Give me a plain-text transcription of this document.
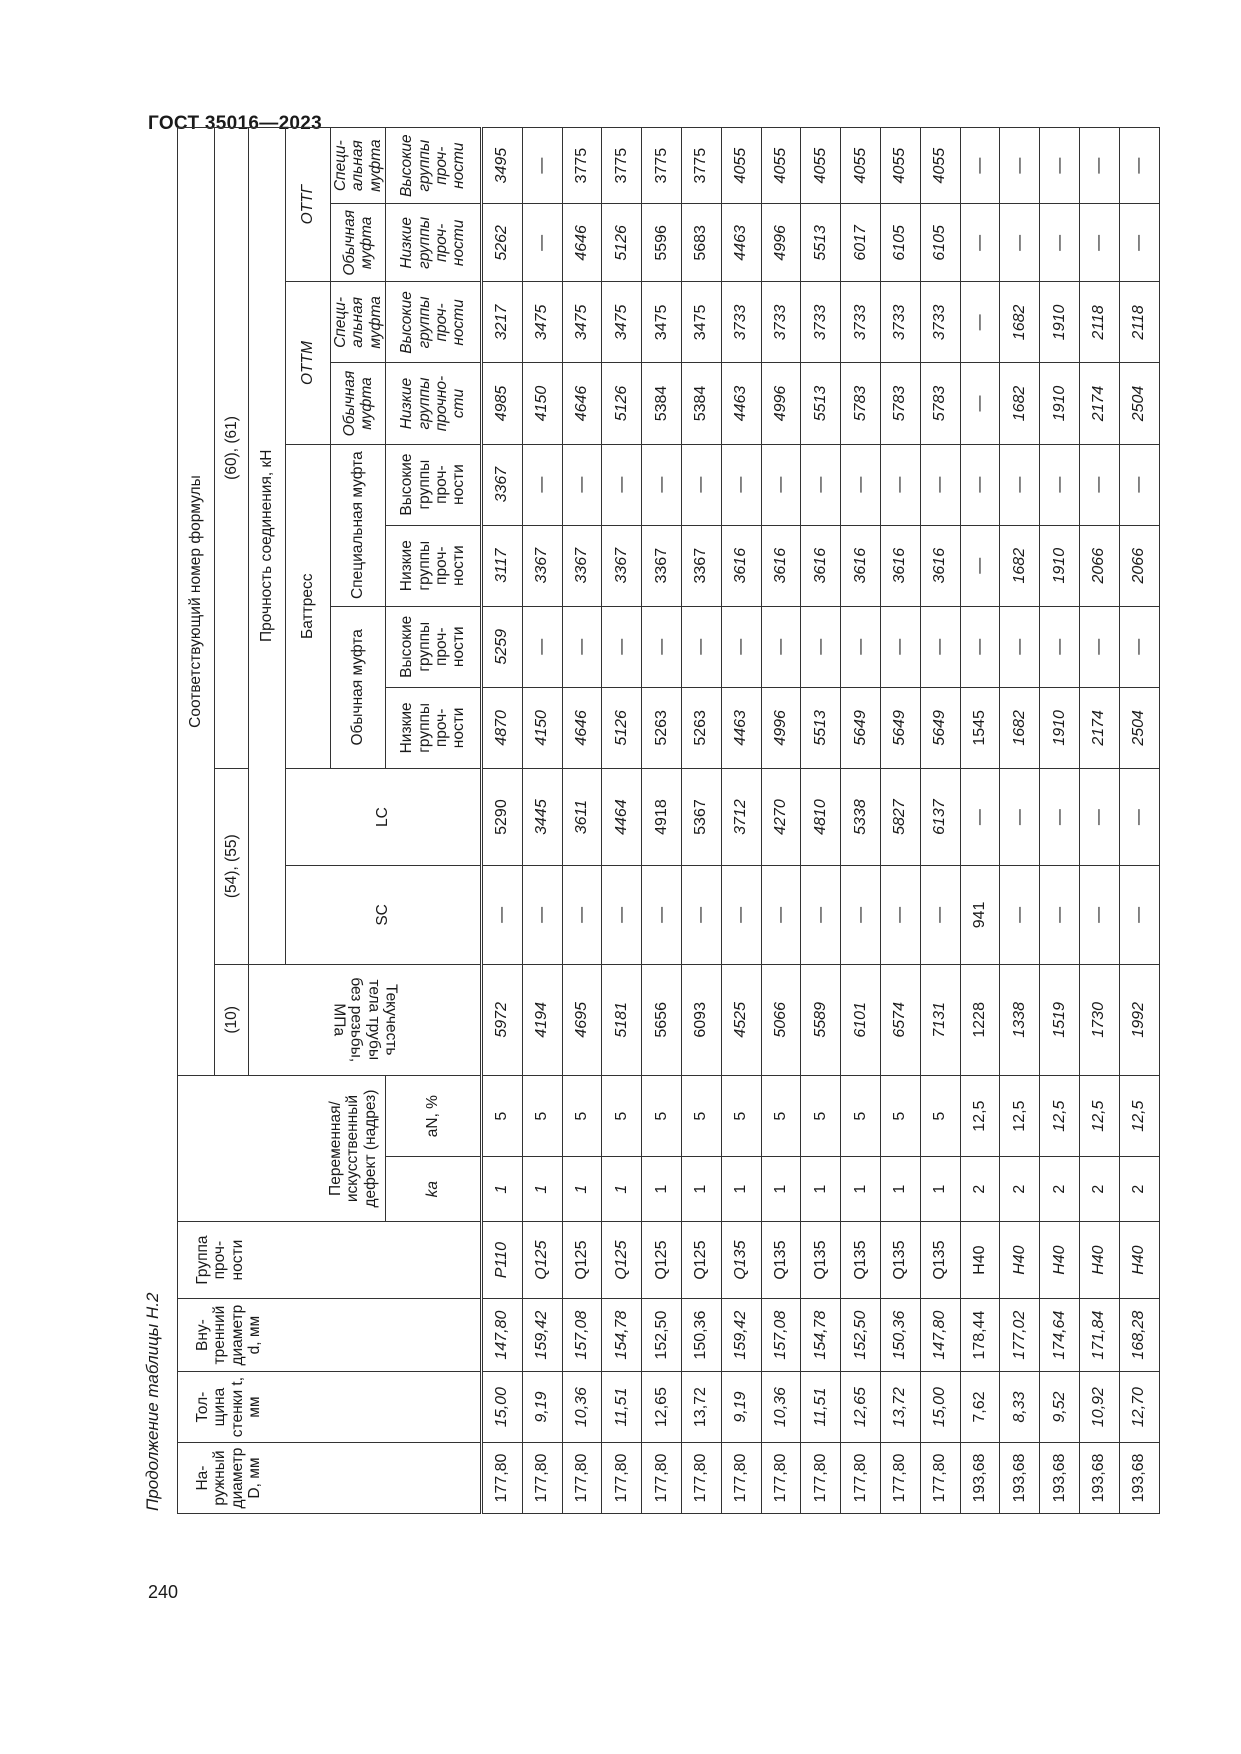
ГОСТ 35016—2023
240
Продолжение таблицы Н.2 На-ружный диаметр D, мм	Тол-щина стенки t, мм	Вну-тренний диаметр d, мм	Группа проч-ности	Переменная/ искусственный дефект (надрез)		Соответствующий номер формулы										
						(10)	(54), (55)		(60), (61)							
						Текучесть тела трубы без резьбы, МПа	Прочность соединения, кН									
							SC	LC	Баттресс				ОТТМ		ОТТГ	
									Обычная муфта		Специальная муфта		Обычная муфта	Специ-альная муфта	Обычная муфта	Специ-альная муфта
				ka	aN, %				Низкие группы проч-ности	Высокие группы проч-ности	Низкие группы проч-ности	Высокие группы проч-ности	Низкие группы прочно-сти	Высокие группы проч-ности	Низкие группы проч-ности	Высокие группы проч-ности
177,80	15,00	147,80	P110	1	5	5972	—	5290	4870	5259	3117	3367	4985	3217	5262	3495
177,80	9,19	159,42	Q125	1	5	4194	—	3445	4150	—	3367	—	4150	3475	—	—
177,80	10,36	157,08	Q125	1	5	4695	—	3611	4646	—	3367	—	4646	3475	4646	3775
177,80	11,51	154,78	Q125	1	5	5181	—	4464	5126	—	3367	—	5126	3475	5126	3775
177,80	12,65	152,50	Q125	1	5	5656	—	4918	5263	—	3367	—	5384	3475	5596	3775
177,80	13,72	150,36	Q125	1	5	6093	—	5367	5263	—	3367	—	5384	3475	5683	3775
177,80	9,19	159,42	Q135	1	5	4525	—	3712	4463	—	3616	—	4463	3733	4463	4055
177,80	10,36	157,08	Q135	1	5	5066	—	4270	4996	—	3616	—	4996	3733	4996	4055
177,80	11,51	154,78	Q135	1	5	5589	—	4810	5513	—	3616	—	5513	3733	5513	4055
177,80	12,65	152,50	Q135	1	5	6101	—	5338	5649	—	3616	—	5783	3733	6017	4055
177,80	13,72	150,36	Q135	1	5	6574	—	5827	5649	—	3616	—	5783	3733	6105	4055
177,80	15,00	147,80	Q135	1	5	7131	—	6137	5649	—	3616	—	5783	3733	6105	4055
193,68	7,62	178,44	H40	2	12,5	1228	941	—	1545	—	—	—	—	—	—	—
193,68	8,33	177,02	H40	2	12,5	1338	—	—	1682	—	1682	—	1682	1682	—	—
193,68	9,52	174,64	H40	2	12,5	1519	—	—	1910	—	1910	—	1910	1910	—	—
193,68	10,92	171,84	H40	2	12,5	1730	—	—	2174	—	2066	—	2174	2118	—	—
193,68	12,70	168,28	H40	2	12,5	1992	—	—	2504	—	2066	—	2504	2118	—	—
